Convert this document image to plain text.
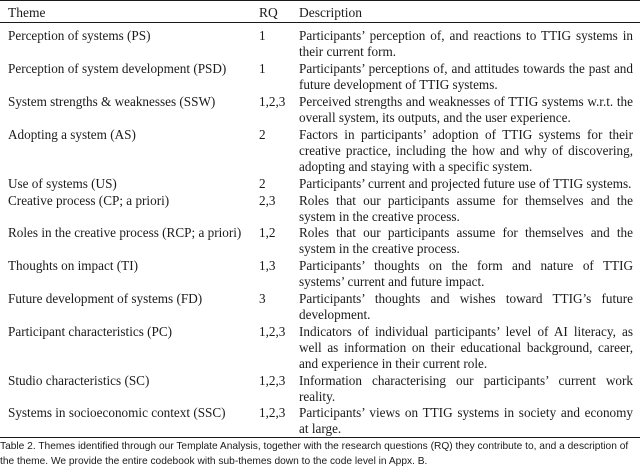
Theme	RQ	Description
Perception of systems (PS)	1	Participants’ perception of, and reactions to TTIG systems in their current form.
Perception of system development (PSD)	1	Participants’ perceptions of, and attitudes towards the past and future development of TTIG systems.
System strengths & weaknesses (SSW)	1,2,3	Perceived strengths and weaknesses of TTIG systems w.r.t. the overall system, its outputs, and the user experience.
Adopting a system (AS)	2	Factors in participants’ adoption of TTIG systems for their creative practice, including the how and why of discovering, adopting and staying with a specific system.
Use of systems (US)	2	Participants’ current and projected future use of TTIG systems.
Creative process (CP; a priori)	2,3	Roles that our participants assume for themselves and the system in the creative process.
Roles in the creative process (RCP; a priori)	1,2	Roles that our participants assume for themselves and the system in the creative process.
Thoughts on impact (TI)	1,3	Participants’ thoughts on the form and nature of TTIG systems’ current and future impact.
Future development of systems (FD)	3	Participants’ thoughts and wishes toward TTIG’s future development.
Participant characteristics (PC)	1,2,3	Indicators of individual participants’ level of AI literacy, as well as information on their educational background, career, and experience in their current role.
Studio characteristics (SC)	1,2,3	Information characterising our participants’ current work reality.
Systems in socioeconomic context (SSC)	1,2,3	Participants’ views on TTIG systems in society and economy at large.
Table 2. Themes identified through our Template Analysis, together with the research questions (RQ) they contribute to, and a description of the theme. We provide the entire codebook with sub-themes down to the code level in Appx. B.
